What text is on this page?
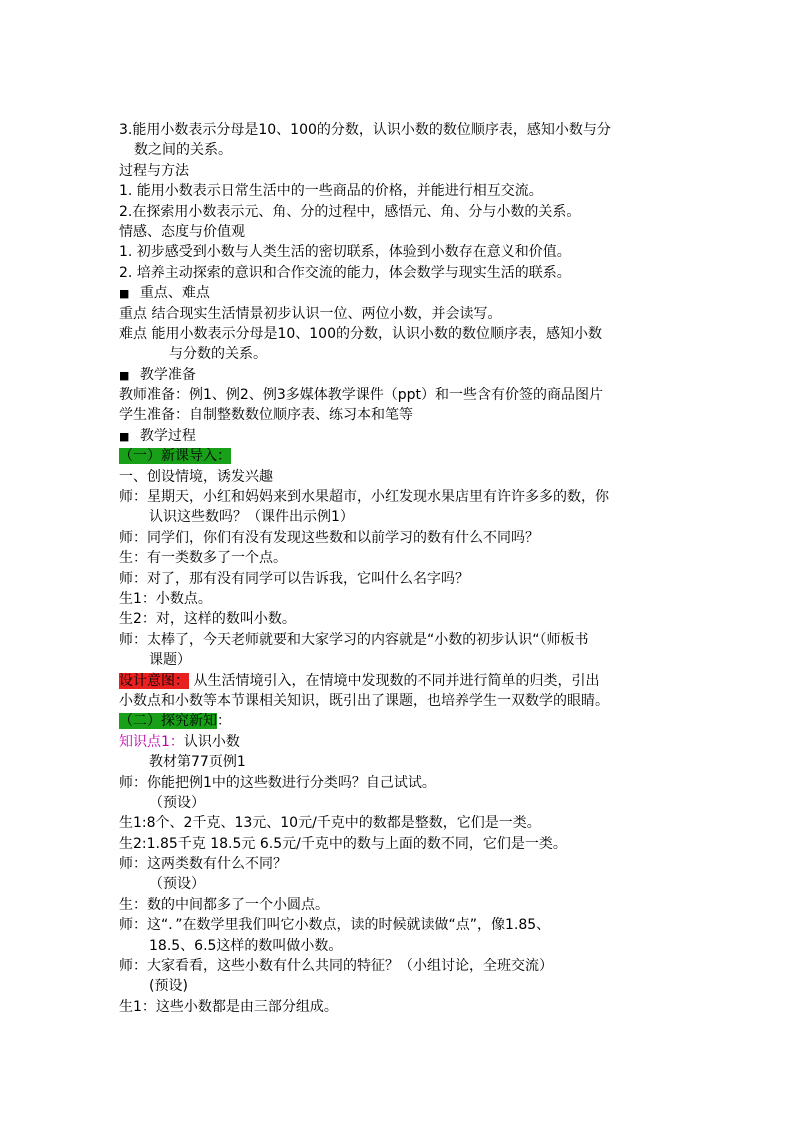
3.能用小数表示分母是10、100的分数，认识小数的数位顺序表，感知小数与分
数之间的关系。
过程与方法
1. 能用小数表示日常生活中的一些商品的价格，并能进行相互交流。
2.在探索用小数表示元、角、分的过程中，感悟元、角、分与小数的关系。
情感、态度与价值观
1. 初步感受到小数与人类生活的密切联系，体验到小数存在意义和价值。
2. 培养主动探索的意识和合作交流的能力，体会数学与现实生活的联系。
■ 重点、难点
重点 结合现实生活情景初步认识一位、两位小数，并会读写。
难点 能用小数表示分母是10、100的分数，认识小数的数位顺序表，感知小数
与分数的关系。
■ 教学准备
教师准备：例1、例2、例3多媒体教学课件（ppt）和一些含有价签的商品图片
学生准备：自制整数数位顺序表、练习本和笔等
■ 教学过程
（一）新课导入：
一、创设情境，诱发兴趣
师：星期天，小红和妈妈来到水果超市，小红发现水果店里有许许多多的数，你
认识这些数吗？（课件出示例1）
师：同学们，你们有没有发现这些数和以前学习的数有什么不同吗？
生：有一类数多了一个点。
师：对了，那有没有同学可以告诉我，它叫什么名字吗？
生1：小数点。
生2：对，这样的数叫小数。
师：太棒了，今天老师就要和大家学习的内容就是“小数的初步认识“（师板书
课题）
设计意图： 从生活情境引入，在情境中发现数的不同并进行简单的归类，引出
小数点和小数等本节课相关知识，既引出了课题，也培养学生一双数学的眼睛。
（二）探究新知：
知识点1：认识小数
教材第77页例1
师：你能把例1中的这些数进行分类吗？自己试试。
（预设）
生1:8个、2千克、13元、10元/千克中的数都是整数，它们是一类。
生2:1.85千克 18.5元 6.5元/千克中的数与上面的数不同，它们是一类。
师：这两类数有什么不同？
（预设）
生：数的中间都多了一个小圆点。
师：这“．”在数学里我们叫它小数点，读的时候就读做“点”，像1.85、
18.5、6.5这样的数叫做小数。
师：大家看看，这些小数有什么共同的特征？（小组讨论，全班交流）
(预设)
生1：这些小数都是由三部分组成。
